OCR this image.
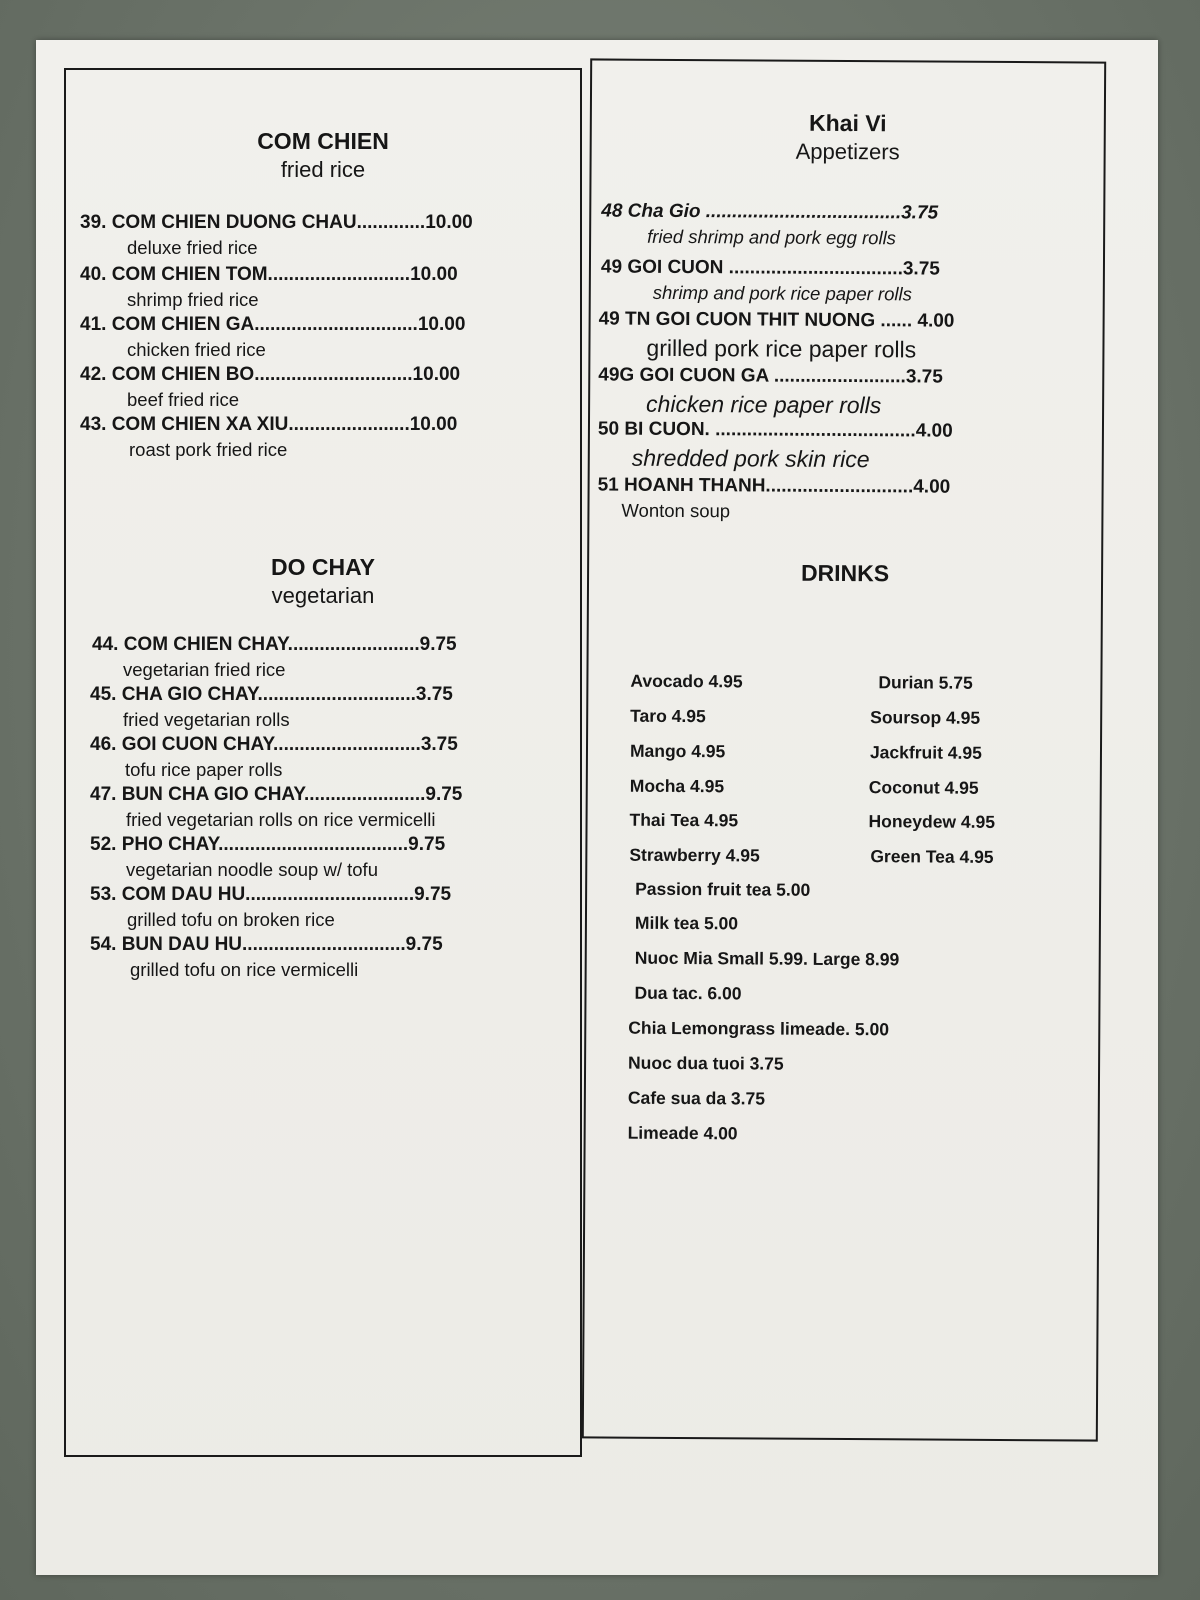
COM CHIEN
fried rice
39. COM CHIEN DUONG CHAU.............10.00
deluxe fried rice
40. COM CHIEN TOM...........................10.00
shrimp fried rice
41. COM CHIEN GA...............................10.00
chicken fried rice
42. COM CHIEN BO..............................10.00
beef fried rice
43. COM CHIEN XA XIU.......................10.00
roast pork fried rice
DO CHAY
vegetarian
44. COM CHIEN CHAY.........................9.75
vegetarian fried rice
45. CHA GIO CHAY..............................3.75
fried vegetarian rolls
46. GOI CUON CHAY............................3.75
tofu rice paper rolls
47. BUN CHA GIO CHAY.......................9.75
fried vegetarian rolls on rice vermicelli
52. PHO CHAY....................................9.75
vegetarian noodle soup w/ tofu
53. COM DAU HU................................9.75
grilled tofu on broken rice
54. BUN DAU HU...............................9.75
grilled tofu on rice vermicelli
Khai Vi
Appetizers
48 Cha Gio .....................................3.75
fried shrimp and pork egg rolls
49 GOI CUON .................................3.75
shrimp and pork rice paper rolls
49 TN GOI CUON THIT NUONG ...... 4.00
grilled pork rice paper rolls
49G GOI CUON GA .........................3.75
chicken rice paper rolls
50 BI CUON. ......................................4.00
shredded pork skin rice
51 HOANH THANH............................4.00
Wonton soup
DRINKS
Avocado 4.95
Taro 4.95
Mango 4.95
Mocha 4.95
Thai Tea 4.95
Strawberry 4.95
Durian 5.75
Soursop 4.95
Jackfruit 4.95
Coconut 4.95
Honeydew 4.95
Green Tea 4.95
Passion fruit tea 5.00
Milk tea 5.00
Nuoc Mia Small 5.99. Large 8.99
Dua tac. 6.00
Chia Lemongrass limeade. 5.00
Nuoc dua tuoi 3.75
Cafe sua da 3.75
Limeade 4.00
